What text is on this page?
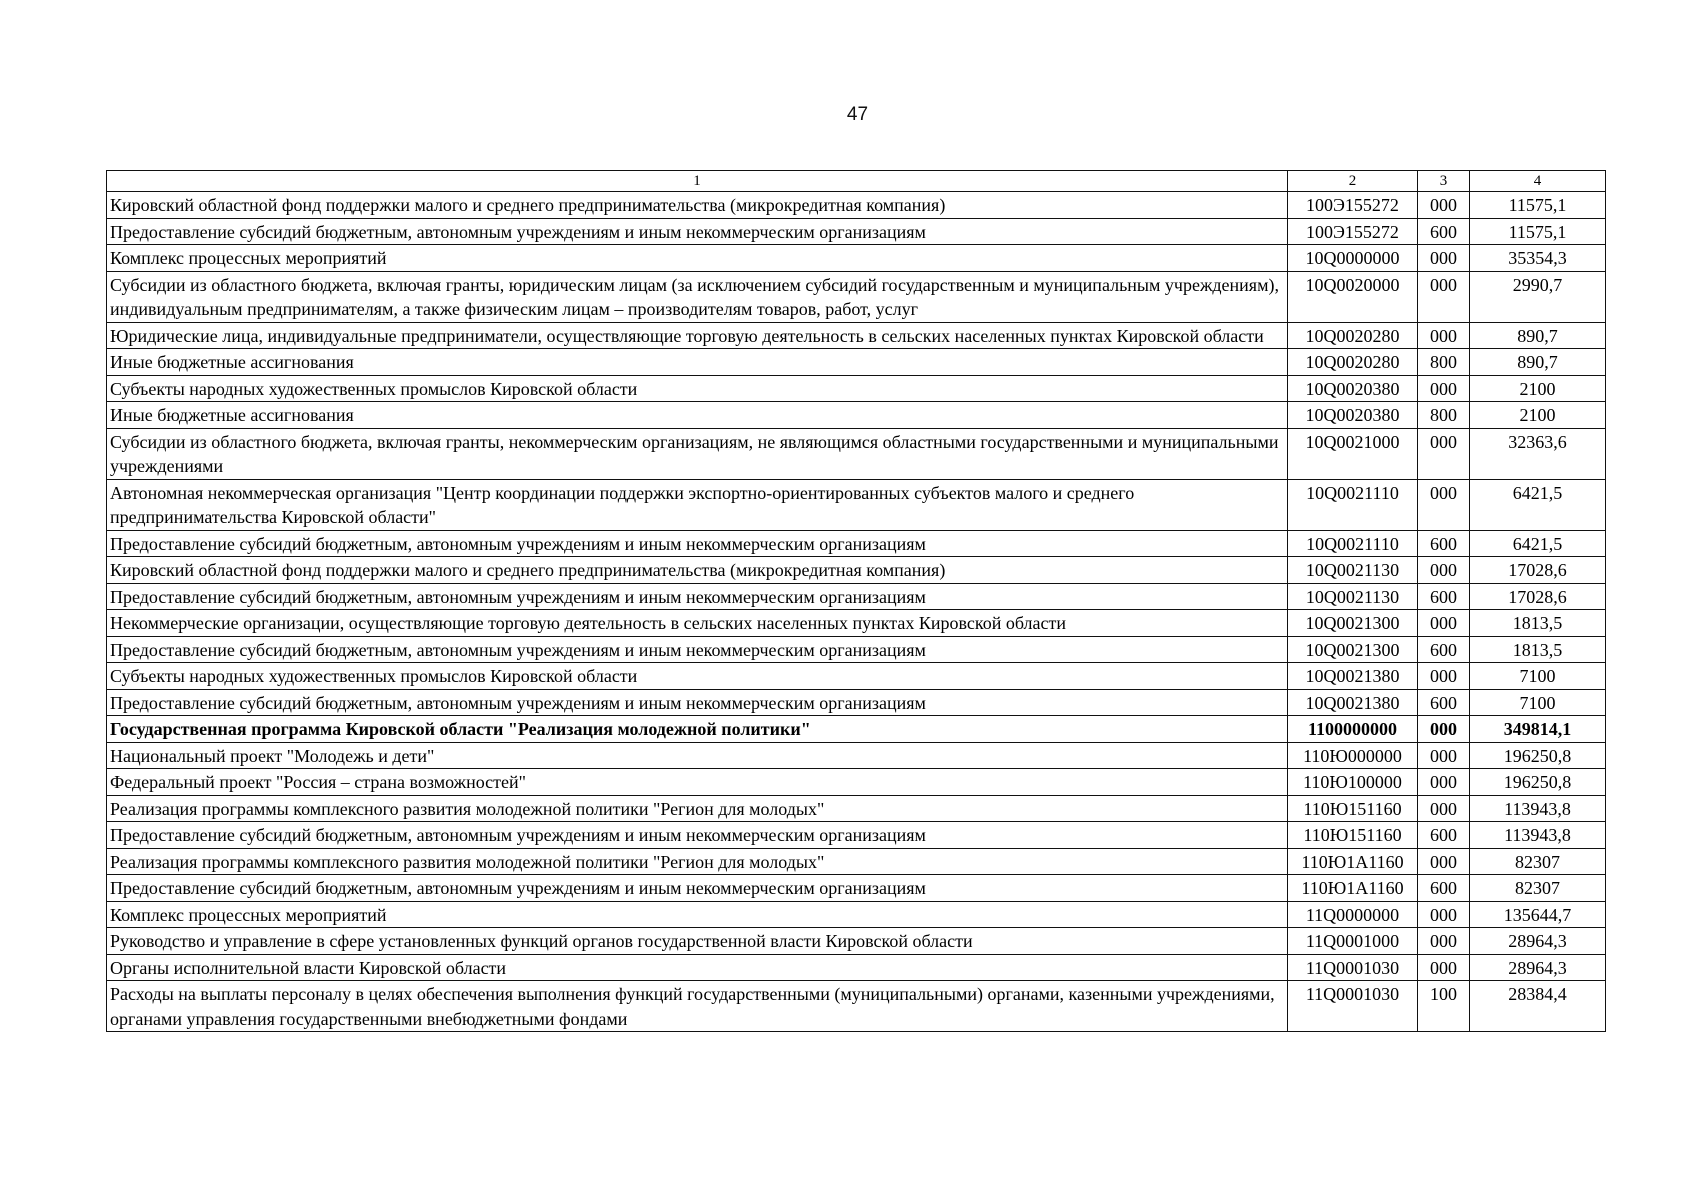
47
1	2	3	4
Кировский областной фонд поддержки малого и среднего предпринимательства (микрокредитная компания)	100Э155272	000	11575,1
Предоставление субсидий бюджетным, автономным учреждениям и иным некоммерческим организациям	100Э155272	600	11575,1
Комплекс процессных мероприятий	10Q0000000	000	35354,3
Субсидии из областного бюджета, включая гранты, юридическим лицам (за исключением субсидий государственным и муниципальным учреждениям), индивидуальным предпринимателям, а также физическим лицам – производителям товаров, работ, услуг	10Q0020000	000	2990,7
Юридические лица, индивидуальные предприниматели, осуществляющие торговую деятельность в сельских населенных пунктах Кировской области	10Q0020280	000	890,7
Иные бюджетные ассигнования	10Q0020280	800	890,7
Субъекты народных художественных промыслов Кировской области	10Q0020380	000	2100
Иные бюджетные ассигнования	10Q0020380	800	2100
Субсидии из областного бюджета, включая гранты, некоммерческим организациям, не являющимся областными государственными и муниципальными учреждениями	10Q0021000	000	32363,6
Автономная некоммерческая организация "Центр координации поддержки экспортно-ориентированных субъектов малого и среднего предпринимательства Кировской области"	10Q0021110	000	6421,5
Предоставление субсидий бюджетным, автономным учреждениям и иным некоммерческим организациям	10Q0021110	600	6421,5
Кировский областной фонд поддержки малого и среднего предпринимательства (микрокредитная компания)	10Q0021130	000	17028,6
Предоставление субсидий бюджетным, автономным учреждениям и иным некоммерческим организациям	10Q0021130	600	17028,6
Некоммерческие организации, осуществляющие торговую деятельность в сельских населенных пунктах Кировской области	10Q0021300	000	1813,5
Предоставление субсидий бюджетным, автономным учреждениям и иным некоммерческим организациям	10Q0021300	600	1813,5
Субъекты народных художественных промыслов Кировской области	10Q0021380	000	7100
Предоставление субсидий бюджетным, автономным учреждениям и иным некоммерческим организациям	10Q0021380	600	7100
Государственная программа Кировской области "Реализация молодежной политики"	1100000000	000	349814,1
Национальный проект "Молодежь и дети"	110Ю000000	000	196250,8
Федеральный проект "Россия – страна возможностей"	110Ю100000	000	196250,8
Реализация программы комплексного развития молодежной политики "Регион для молодых"	110Ю151160	000	113943,8
Предоставление субсидий бюджетным, автономным учреждениям и иным некоммерческим организациям	110Ю151160	600	113943,8
Реализация программы комплексного развития молодежной политики "Регион для молодых"	110Ю1А1160	000	82307
Предоставление субсидий бюджетным, автономным учреждениям и иным некоммерческим организациям	110Ю1А1160	600	82307
Комплекс процессных мероприятий	11Q0000000	000	135644,7
Руководство и управление в сфере установленных функций органов государственной власти Кировской области	11Q0001000	000	28964,3
Органы исполнительной власти Кировской области	11Q0001030	000	28964,3
Расходы на выплаты персоналу в целях обеспечения выполнения функций государственными (муниципальными) органами, казенными учреждениями, органами управления государственными внебюджетными фондами	11Q0001030	100	28384,4
